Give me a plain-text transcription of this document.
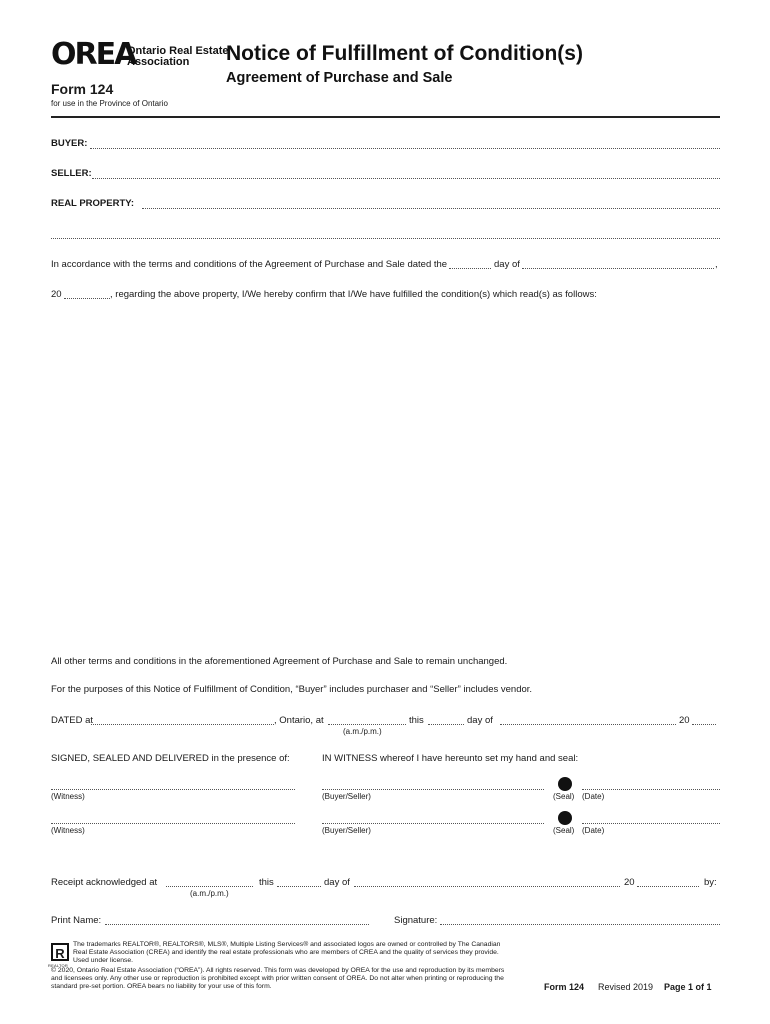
OREA
Ontario Real Estate
Association	Notice of Fulfillment of Condition(s)
Agreement of Purchase and Sale
Form 124
for use in the Province of Ontario
BUYER:
SELLER:
REAL PROPERTY:
In accordance with the terms and conditions of the Agreement of Purchase and Sale dated the	day of	,
20	, regarding the above property, I/We hereby confirm that I/We have fulfilled the condition(s) which read(s) as follows:
All other terms and conditions in the aforementioned Agreement of Purchase and Sale to remain unchanged.
For the purposes of this Notice of Fulfillment of Condition, “Buyer” includes purchaser and “Seller” includes vendor.
DATED at	, Ontario, at	this	day of	20
(a.m./p.m.)
SIGNED, SEALED AND DELIVERED in the presence of:	IN WITNESS whereof I have hereunto set my hand and seal:
(Witness)	(Buyer/Seller)	(Seal) (Date)
(Witness)	(Buyer/Seller)	(Seal) (Date)
Receipt acknowledged at	this	day of	20	by:
(a.m./p.m.)
Print Name:	Signature:
R
REALTOR
The trademarks REALTOR®, REALTORS®, MLS®, Multiple Listing Services® and associated logos are owned or controlled by The Canadian Real Estate Association (CREA) and identify the real estate professionals who are members of CREA and the quality of services they provide. Used under license.
© 2020, Ontario Real Estate Association (“OREA”). All rights reserved. This form was developed by OREA for the use and reproduction by its members and licensees only. Any other use or reproduction is prohibited except with prior written consent of OREA. Do not alter when printing or reproducing the standard pre-set portion. OREA bears no liability for your use of this form.	Form 124 Revised 2019 Page 1 of 1
